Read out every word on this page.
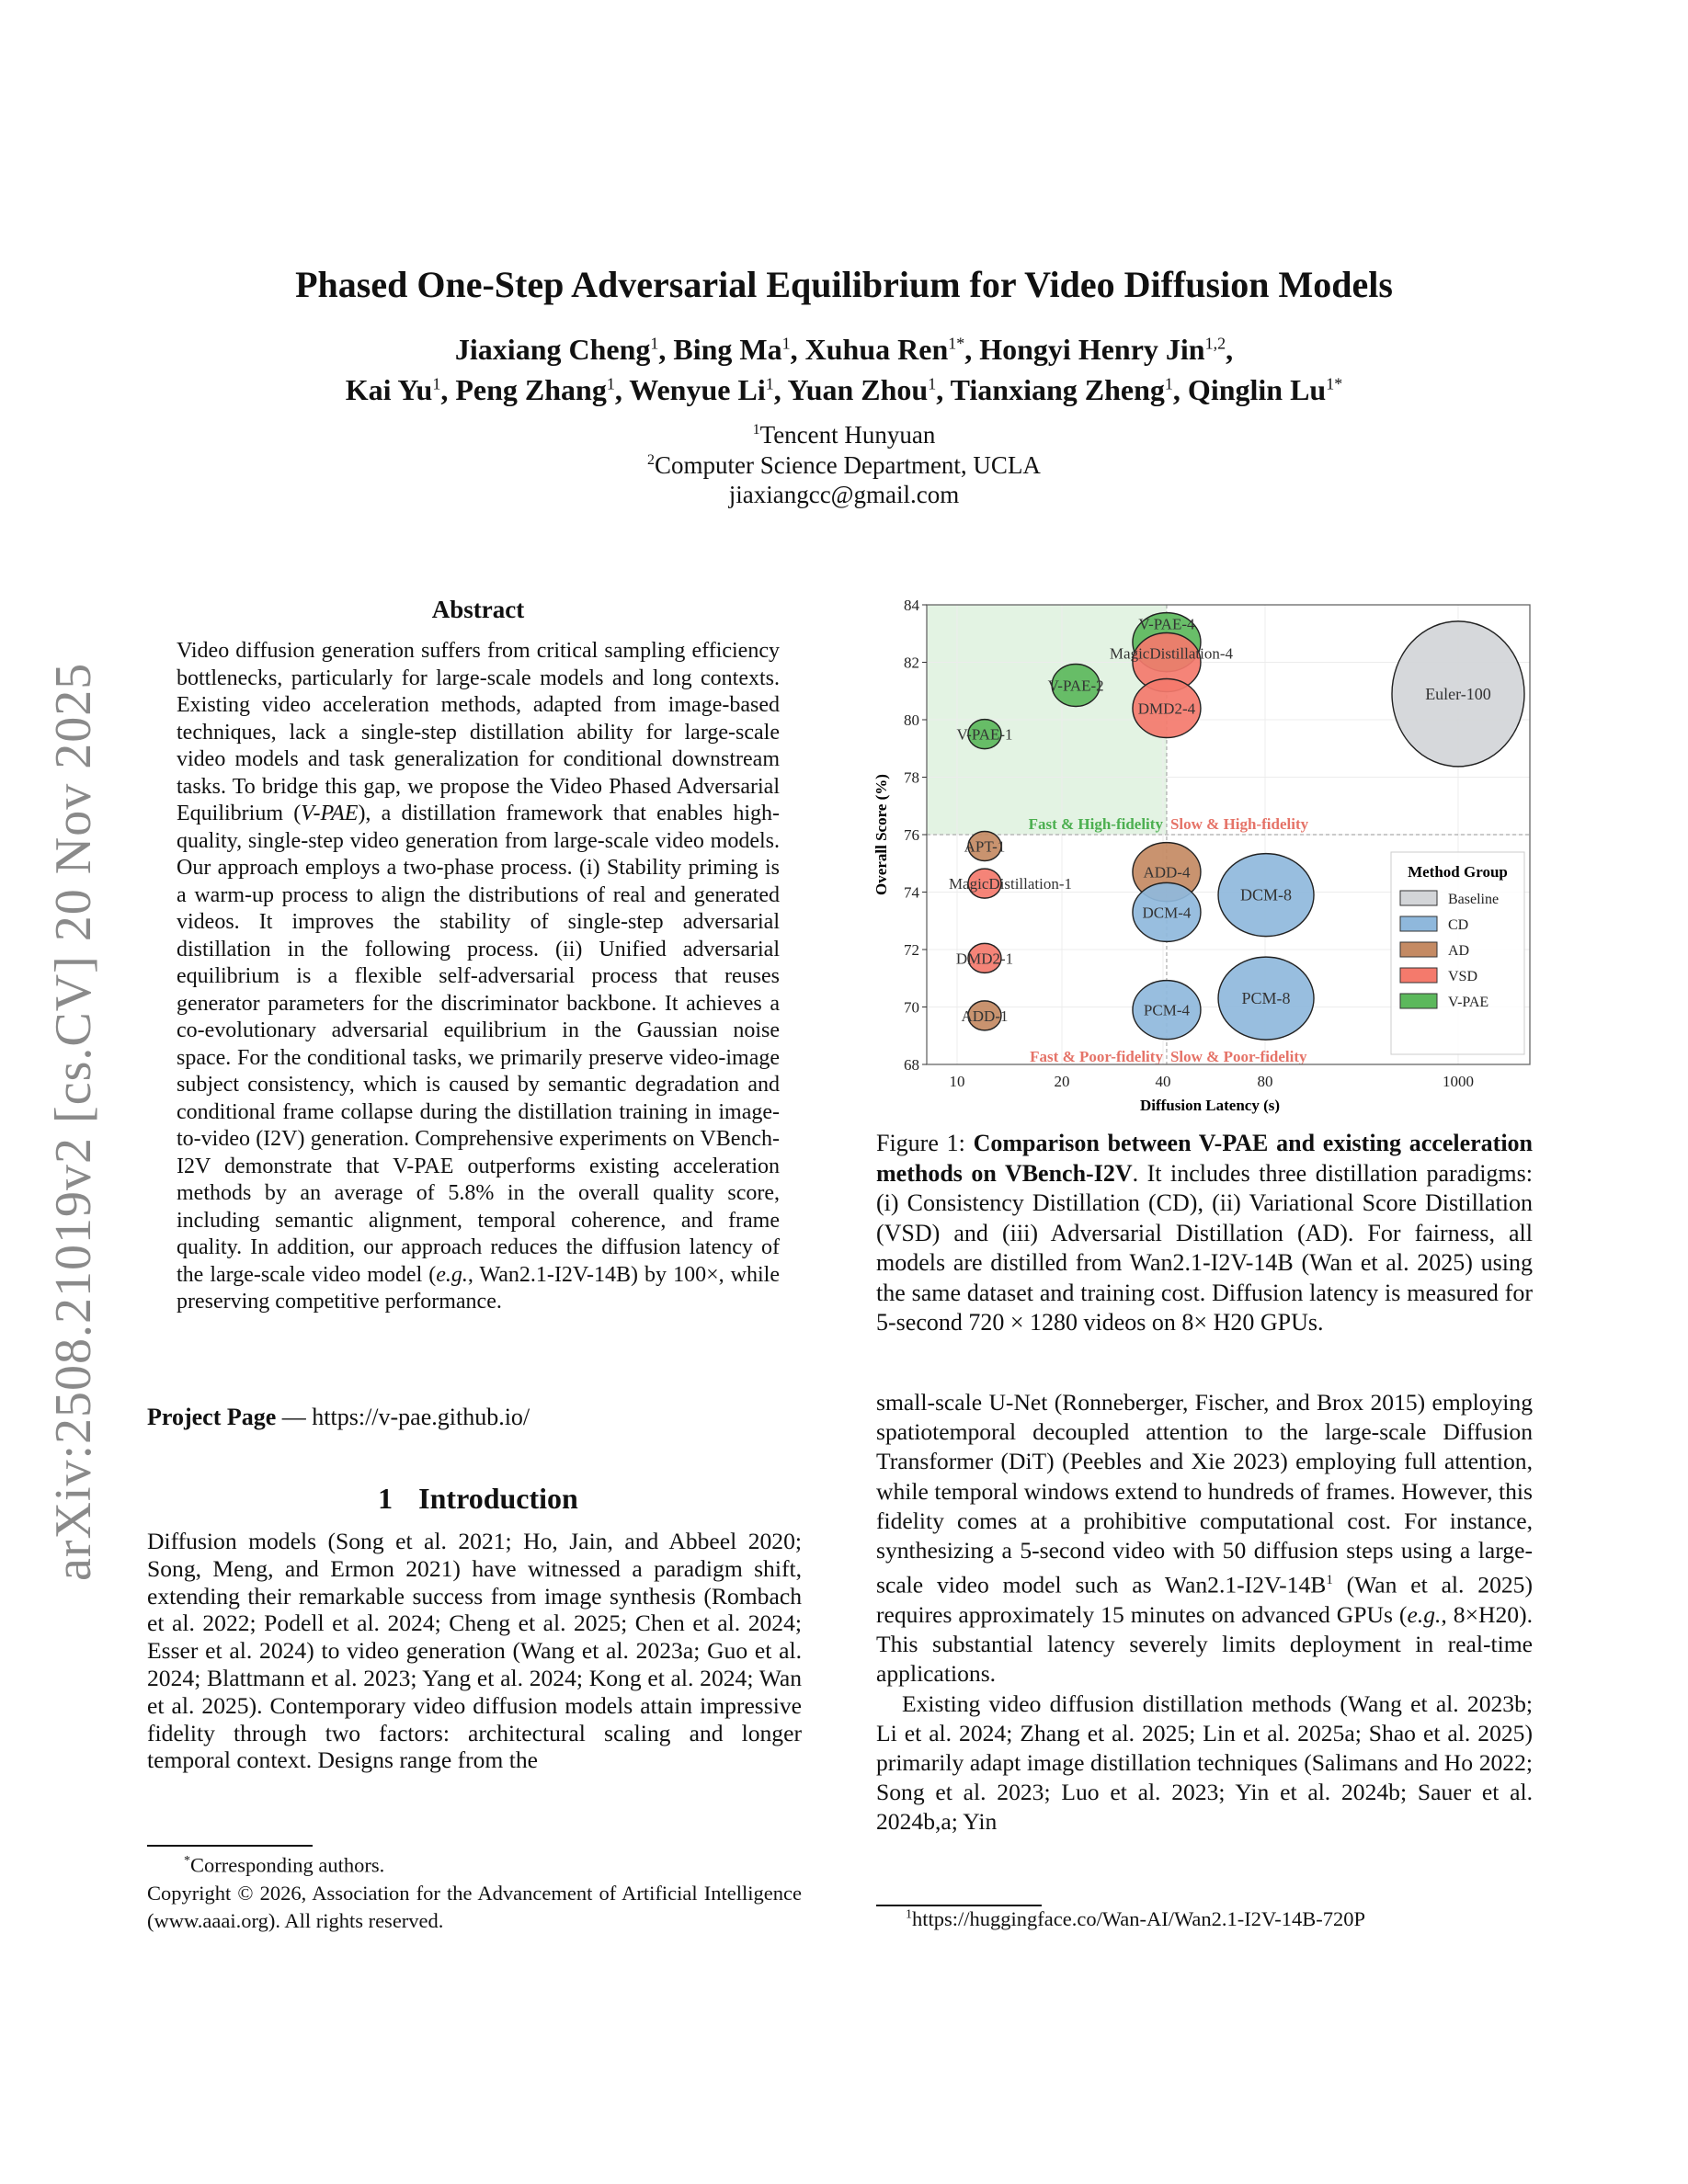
arXiv:2508.21019v2 [cs.CV] 20 Nov 2025
Phased One-Step Adversarial Equilibrium for Video Diffusion Models
Jiaxiang Cheng$^1$, Bing Ma$^1$, Xuhua Ren$^{1*}$, Hongyi Henry Jin$^{1,2}$,
Kai Yu$^1$, Peng Zhang$^1$, Wenyue Li$^1$, Yuan Zhou$^1$, Tianxiang Zheng$^1$, Qinglin $Lu^{1*}$
$^1$Tencent Hunyuan
$^2$Computer Science Department, UCLA
jiaxiangcc@gmail.com
Abstract

Video diffusion generation suffers from critical sampling efficiency bottlenecks, particularly for large-scale models and long contexts. Existing video acceleration methods, adapted from image-based techniques, lack a single-step distillation ability for large-scale video models and task generalization for conditional downstream tasks. To bridge this gap, we propose the Video Phased Adversarial Equilibrium (V-PAE), a distillation framework that enables high-quality, single-step video generation from large-scale video models. Our approach employs a two-phase process. (i) Stability priming is a warm-up process to align the distributions of real and generated videos. It improves the stability of single-step adversarial distillation in the following process. (ii) Unified adversarial equilibrium is a flexible self-adversarial process that reuses generator parameters for the discriminator backbone. It achieves a co-evolutionary adversarial equilibrium in the Gaussian noise space. For the conditional tasks, we primarily preserve video-image subject consistency, which is caused by semantic degradation and conditional frame collapse during the distillation training in image-to-video (I2V) generation. Comprehensive experiments on VBench-I2V demonstrate that V-PAE outperforms existing acceleration methods by an average of 5.8% in the overall quality score, including semantic alignment, temporal coherence, and frame quality. In addition, our approach reduces the diffusion latency of the large-scale video model (e.g., Wan2.1-I2V-14B) by 100×, while preserving competitive performance.

Project Page — https://v-pae.github.io/
1 Introduction

Diffusion models (Song et al. 2021; Ho, Jain, and Abbeel 2020; Song, Meng, and Ermon 2021) have witnessed a paradigm shift, extending their remarkable success from image synthesis (Rombach et al. 2022; Podell et al. 2024; Cheng et al. 2025; Chen et al. 2024; Esser et al. 2024) to video generation (Wang et al. 2023a; Guo et al. 2024; Blattmann et al. 2023; Yang et al. 2024; Kong et al. 2024; Wan et al. 2025). Contemporary video diffusion models attain impressive fidelity through two factors: architectural scaling and longer temporal context. Designs range from the

*Corresponding authors.
Copyright © 2026, Association for the Advancement of Artificial Intelligence (www.aaai.org). All rights reserved.
Euler-100
DCM-8
PCM-8
ADD-4
DCM-4
PCM-4
V-PAE-4
MagicDistillation-4
DMD2-4
V-PAE-2
V-PAE-1
APT-1
MagicDistillation-1
DMD2-1
ADD-1
Fast & High-fidelity Slow & High-fidelity
Fast & Poor-fidelity Slow & Poor-fidelity
68
70
72
74
76
78
80
82
84
10	20	40	80	1000
Diffusion Latency (s)
Overall Score (%)	Method Group
Baseline
CD
AD
VSD
V-PAE

Figure 1: Comparison between V-PAE and existing acceleration methods on VBench-I2V. It includes three distillation paradigms: (i) Consistency Distillation (CD), (ii) Variational Score Distillation (VSD) and (iii) Adversarial Distillation (AD). For fairness, all models are distilled from Wan2.1-I2V-14B (Wan et al. 2025) using the same dataset and training cost. Diffusion latency is measured for 5-second 720 × 1280 videos on 8× H20 GPUs.

small-scale U-Net (Ronneberger, Fischer, and Brox 2015) employing spatiotemporal decoupled attention to the large-scale Diffusion Transformer (DiT) (Peebles and Xie 2023) employing full attention, while temporal windows extend to hundreds of frames. However, this fidelity comes at a prohibitive computational cost. For instance, synthesizing a 5-second video with 50 diffusion steps using a large-scale video model such as $Wan2.1-I2V-14B^1$ (Wan et al. 2025) requires approximately 15 minutes on advanced GPUs (e.g., 8×H20). This substantial latency severely limits deployment in real-time applications.

Existing video diffusion distillation methods (Wang et al. 2023b; Li et al. 2024; Zhang et al. 2025; Lin et al. 2025a; Shao et al. 2025) primarily adapt image distillation techniques (Salimans and Ho 2022; Song et al. 2023; Luo et al. 2023; Yin et al. 2024b; Sauer et al. 2024b,a; Yin

$^1$https://huggingface.co/Wan-AI/Wan2.1-I2V-14B-720P
